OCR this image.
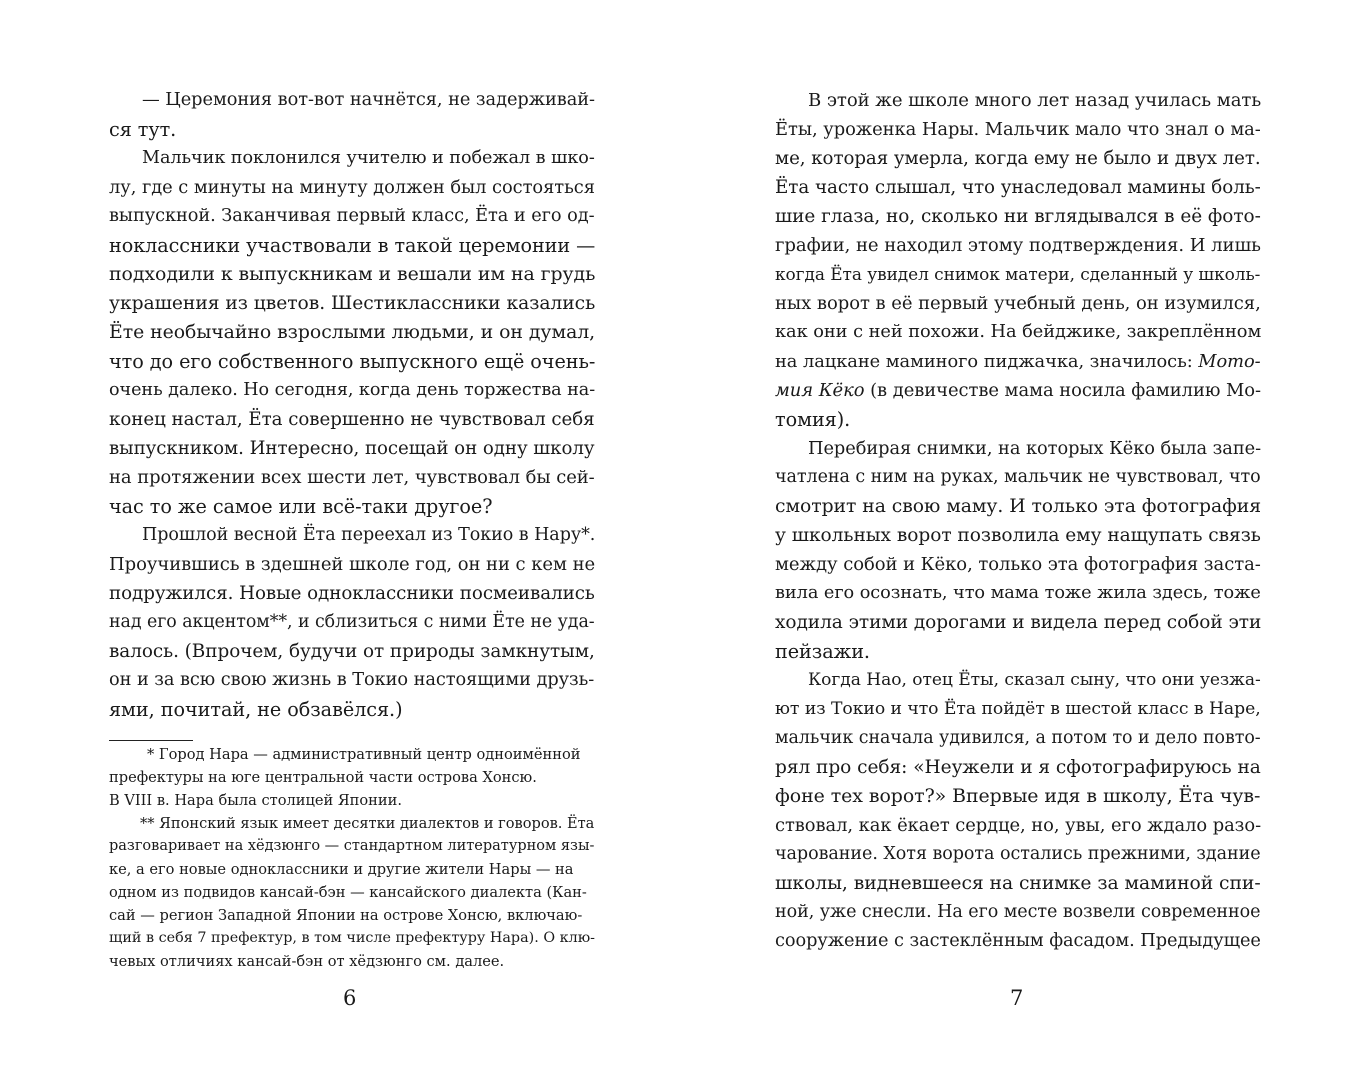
— Церемония вот-вот начнётся, не задерживай-
ся тут.
Мальчик поклонился учителю и побежал в шко-
лу, где с минуты на минуту должен был состояться
выпускной. Заканчивая первый класс, Ёта и его од-
ноклассники участвовали в такой церемонии —
подходили к выпускникам и вешали им на грудь
украшения из цветов. Шестиклассники казались
Ёте необычайно взрослыми людьми, и он думал,
что до его собственного выпускного ещё очень-
очень далеко. Но сегодня, когда день торжества на-
конец настал, Ёта совершенно не чувствовал себя
выпускником. Интересно, посещай он одну школу
на протяжении всех шести лет, чувствовал бы сей-
час то же самое или всё-таки другое?
Прошлой весной Ёта переехал из Токио в Нару*.
Проучившись в здешней школе год, он ни с кем не
подружился. Новые одноклассники посмеивались
над его акцентом**, и сблизиться с ними Ёте не уда-
валось. (Впрочем, будучи от природы замкнутым,
он и за всю свою жизнь в Токио настоящими друзь-
ями, почитай, не обзавёлся.)
* Город Нара — административный центр одноимённой
префектуры на юге центральной части острова Хонсю.
В VIII в. Нара была столицей Японии.
** Японский язык имеет десятки диалектов и говоров. Ёта
разговаривает на хёдзюнго — стандартном литературном язы-
ке, а его новые одноклассники и другие жители Нары — на
одном из подвидов кансай-бэн — кансайского диалекта (Кан-
сай — регион Западной Японии на острове Хонсю, включаю-
щий в себя 7 префектур, в том числе префектуру Нара). О клю-
чевых отличиях кансай-бэн от хёдзюнго см. далее.
6
В этой же школе много лет назад училась мать
Ёты, уроженка Нары. Мальчик мало что знал о ма-
ме, которая умерла, когда ему не было и двух лет.
Ёта часто слышал, что унаследовал мамины боль-
шие глаза, но, сколько ни вглядывался в её фото-
графии, не находил этому подтверждения. И лишь
когда Ёта увидел снимок матери, сделанный у школь-
ных ворот в её первый учебный день, он изумился,
как они с ней похожи. На бейджике, закреплённом
на лацкане маминого пиджачка, значилось: Мото-
мия Кёко (в девичестве мама носила фамилию Мо-
томия).
Перебирая снимки, на которых Кёко была запе-
чатлена с ним на руках, мальчик не чувствовал, что
смотрит на свою маму. И только эта фотография
у школьных ворот позволила ему нащупать связь
между собой и Кёко, только эта фотография заста-
вила его осознать, что мама тоже жила здесь, тоже
ходила этими дорогами и видела перед собой эти
пейзажи.
Когда Нао, отец Ёты, сказал сыну, что они уезжа-
ют из Токио и что Ёта пойдёт в шестой класс в Наре,
мальчик сначала удивился, а потом то и дело повто-
рял про себя: «Неужели и я сфотографируюсь на
фоне тех ворот?» Впервые идя в школу, Ёта чув-
ствовал, как ёкает сердце, но, увы, его ждало разо-
чарование. Хотя ворота остались прежними, здание
школы, видневшееся на снимке за маминой спи-
ной, уже снесли. На его месте возвели современное
сооружение с застеклённым фасадом. Предыдущее
7
